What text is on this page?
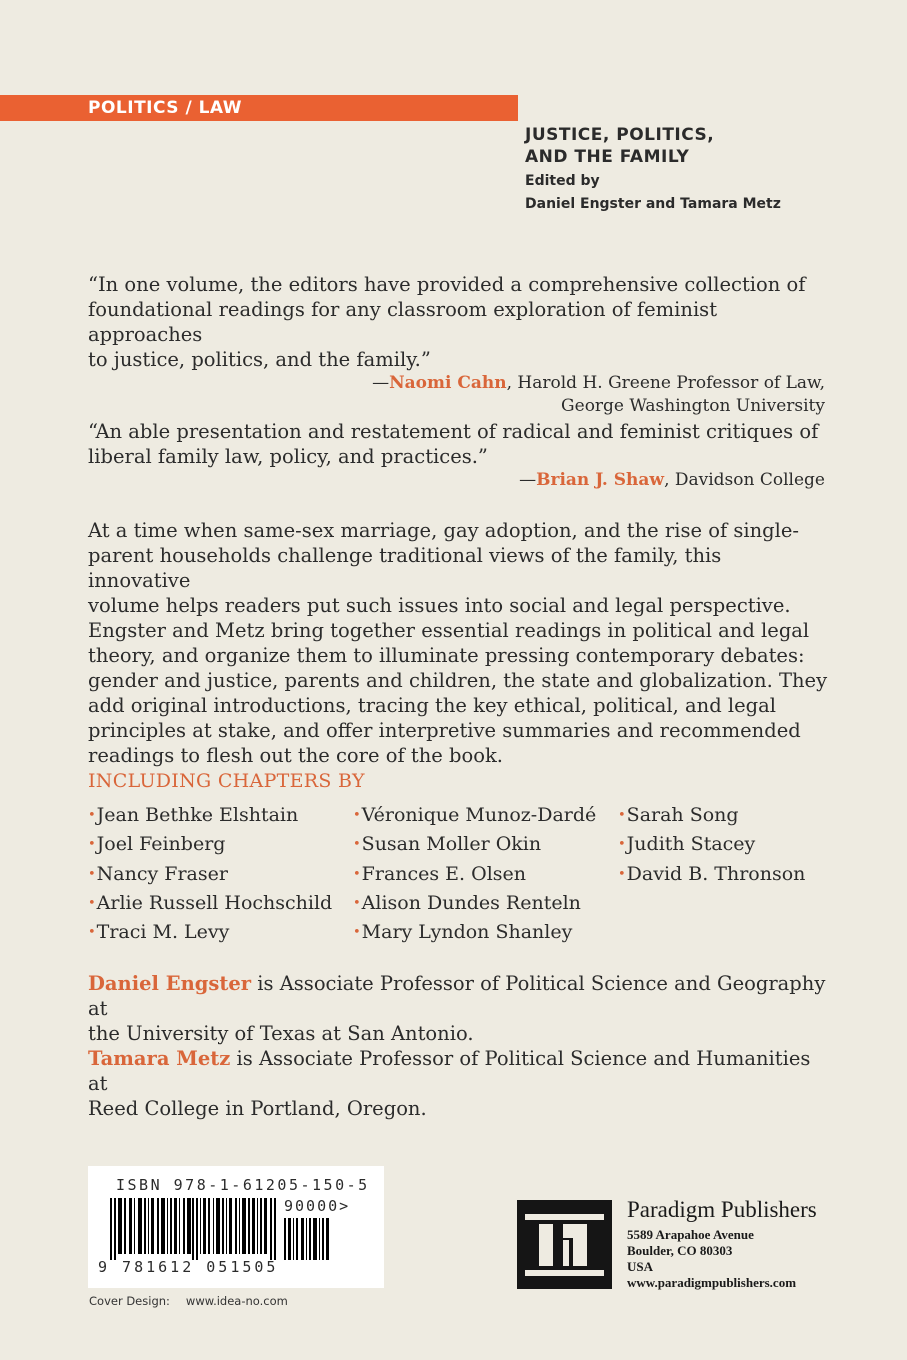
POLITICS / LAW
JUSTICE, POLITICS,
AND THE FAMILY
Edited by
Daniel Engster and Tamara Metz
“In one volume, the editors have provided a comprehensive collection of
foundational readings for any classroom exploration of feminist approaches
to justice, politics, and the family.”
—Naomi Cahn, Harold H. Greene Professor of Law,
George Washington University
“An able presentation and restatement of radical and feminist critiques of
liberal family law, policy, and practices.”
—Brian J. Shaw, Davidson College
At a time when same-sex marriage, gay adoption, and the rise of single-
parent households challenge traditional views of the family, this innovative
volume helps readers put such issues into social and legal perspective.
Engster and Metz bring together essential readings in political and legal
theory, and organize them to illuminate pressing contemporary debates:
gender and justice, parents and children, the state and globalization. They
add original introductions, tracing the key ethical, political, and legal
principles at stake, and offer interpretive summaries and recommended
readings to flesh out the core of the book.
INCLUDING CHAPTERS BY
•Jean Bethke Elshtain
•Joel Feinberg
•Nancy Fraser
•Arlie Russell Hochschild
•Traci M. Levy
•Véronique Munoz-Dardé
•Susan Moller Okin
•Frances E. Olsen
•Alison Dundes Renteln
•Mary Lyndon Shanley
•Sarah Song
•Judith Stacey
•David B. Thronson
Daniel Engster is Associate Professor of Political Science and Geography at
the University of Texas at San Antonio.
Tamara Metz is Associate Professor of Political Science and Humanities at
Reed College in Portland, Oregon.
ISBN 978-1-61205-150-5
90000>
9 781612 051505
Cover Design: www.idea-no.com
Paradigm Publishers
5589 Arapahoe Avenue
Boulder, CO 80303
USA
www.paradigmpublishers.com
